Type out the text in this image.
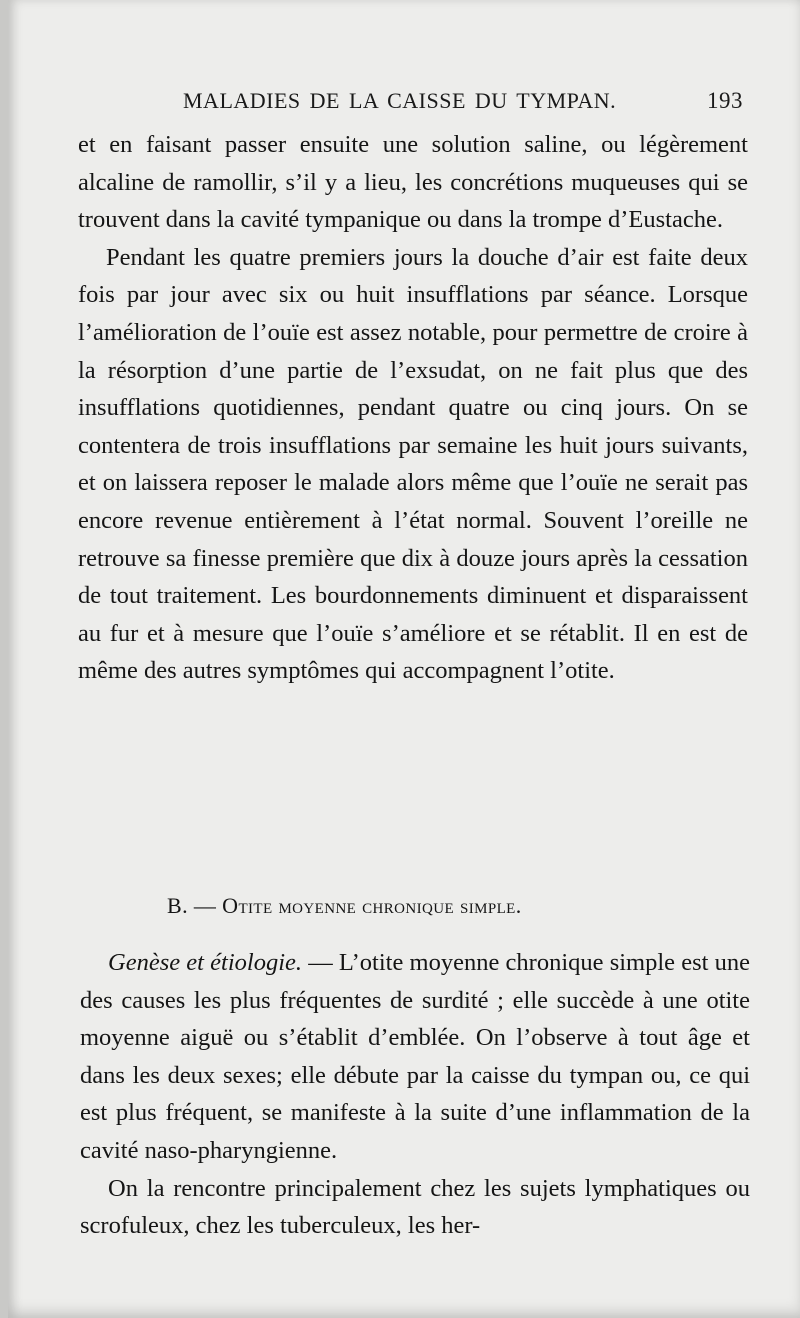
MALADIES DE LA CAISSE DU TYMPAN.	193

et en faisant passer ensuite une solution saline, ou légèrement alcaline de ramollir, s’il y a lieu, les concrétions muqueuses qui se trouvent dans la cavité tympanique ou dans la trompe d’Eustache.

Pendant les quatre premiers jours la douche d’air est faite deux fois par jour avec six ou huit insufflations par séance. Lorsque l’amélioration de l’ouïe est assez notable, pour permettre de croire à la résorption d’une partie de l’exsudat, on ne fait plus que des insufflations quotidiennes, pendant quatre ou cinq jours. On se contentera de trois insufflations par semaine les huit jours suivants, et on laissera reposer le malade alors même que l’ouïe ne serait pas encore revenue entièrement à l’état normal. Souvent l’oreille ne retrouve sa finesse première que dix à douze jours après la cessation de tout traitement. Les bourdonnements diminuent et disparaissent au fur et à mesure que l’ouïe s’améliore et se rétablit. Il en est de même des autres symptômes qui accompagnent l’otite.

B. — Otite moyenne chronique simple.

Genèse et étiologie. — L’otite moyenne chronique simple est une des causes les plus fréquentes de surdité ; elle succède à une otite moyenne aiguë ou s’établit d’emblée. On l’observe à tout âge et dans les deux sexes; elle débute par la caisse du tympan ou, ce qui est plus fréquent, se manifeste à la suite d’une inflammation de la cavité naso-pharyngienne.

On la rencontre principalement chez les sujets lymphatiques ou scrofuleux, chez les tuberculeux, les her-
